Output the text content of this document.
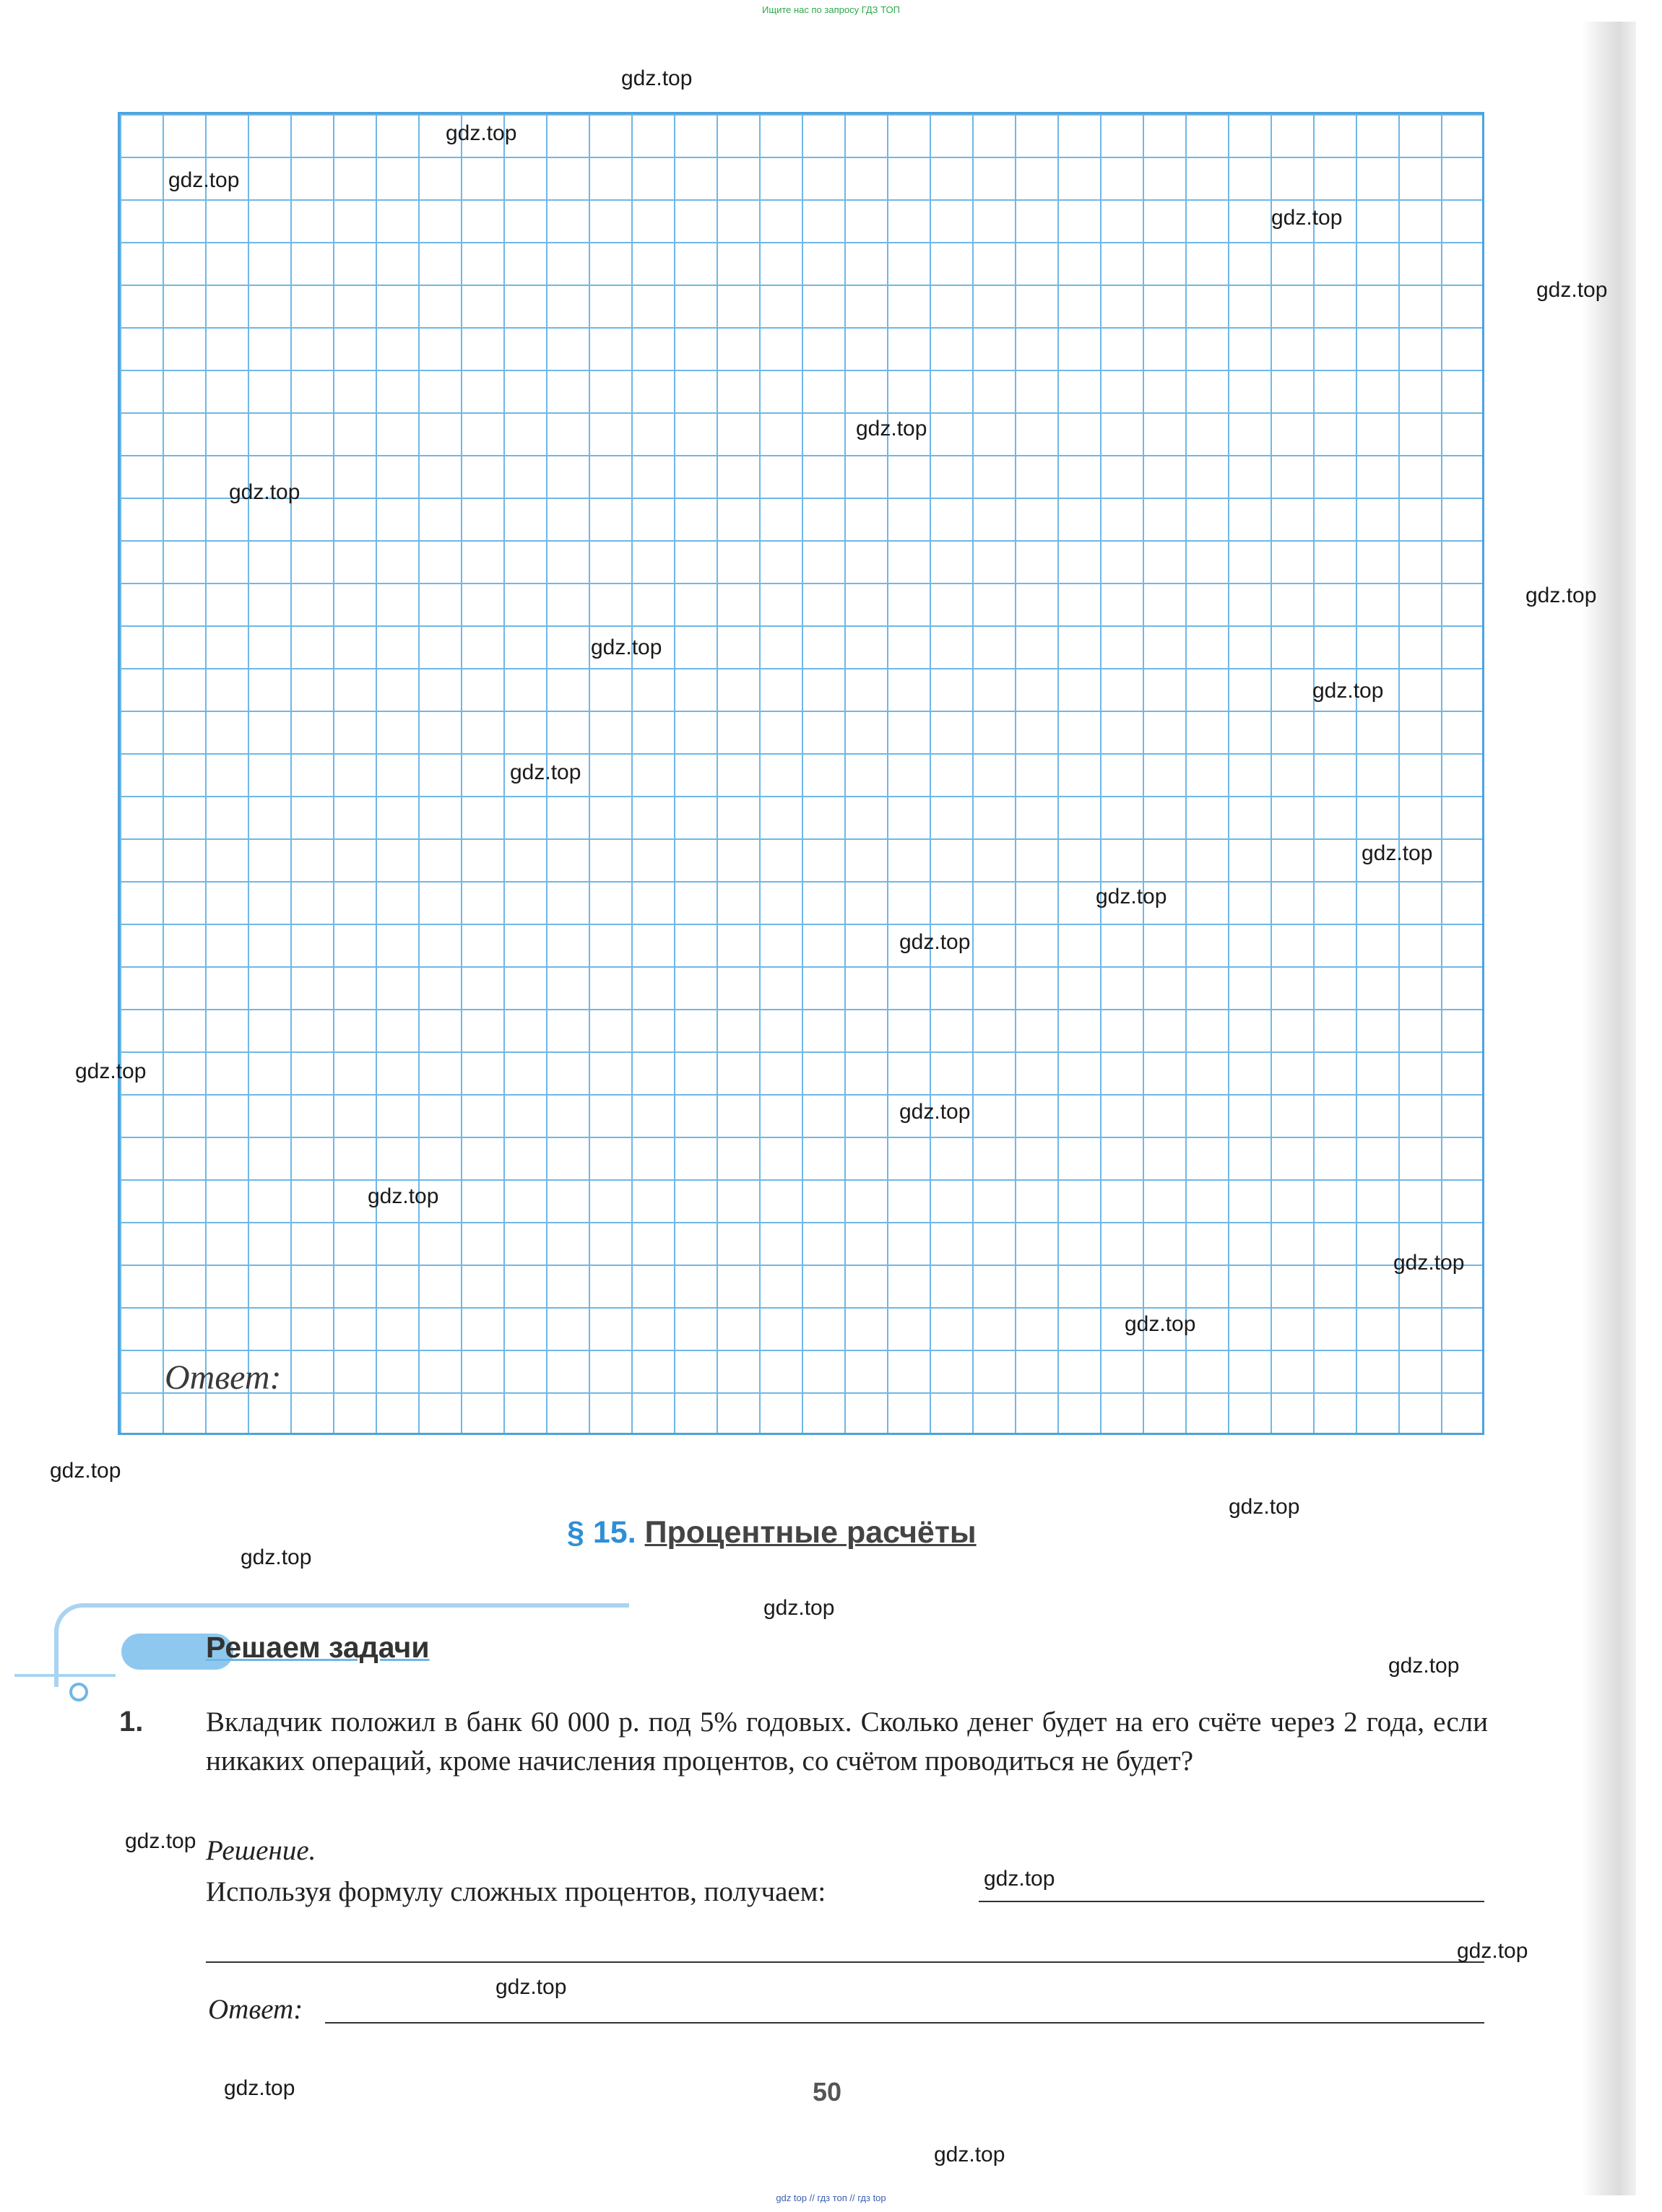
Ищите нас по запросу ГДЗ ТОП
Ответ:
§ 15. Процентные расчёты
Решаем задачи
1. Вкладчик положил в банк 60 000 р. под 5% годовых. Сколько денег будет на его счёте через 2 года, если никаких операций, кроме начисления процентов, со счётом проводиться не будет?
Решение.
Используя формулу сложных процентов, получаем:
Ответ:
50
gdz.top
gdz.top
gdz.top
gdz.top
gdz.top
gdz.top
gdz.top
gdz.top
gdz.top
gdz.top
gdz.top
gdz.top
gdz.top
gdz.top
gdz.top
gdz.top
gdz.top
gdz.top
gdz.top
gdz.top
gdz.top
gdz.top
gdz.top
gdz.top
gdz.top
gdz.top
gdz.top
gdz.top
gdz.top
gdz.top
gdz top // гдз топ // гдз top
